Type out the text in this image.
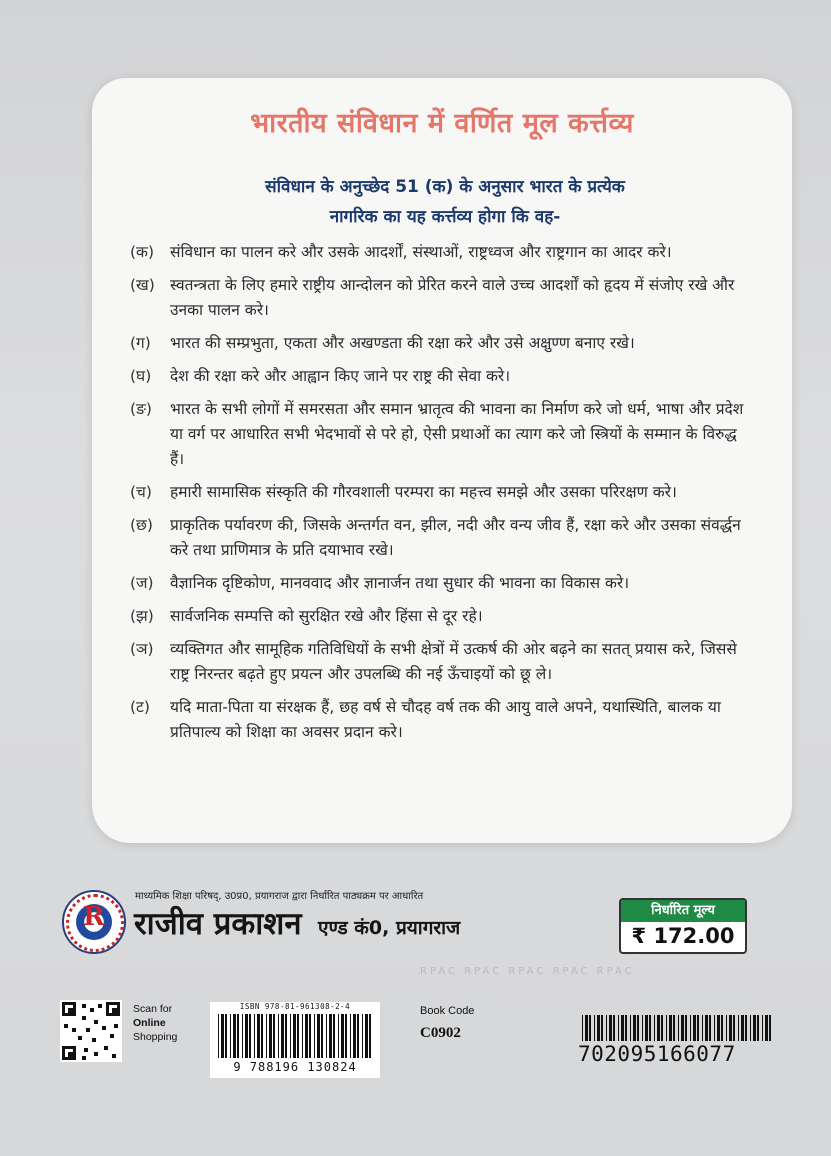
भारतीय संविधान में वर्णित मूल कर्त्तव्य
संविधान के अनुच्छेद 51 (क) के अनुसार भारत के प्रत्येक
नागरिक का यह कर्त्तव्य होगा कि वह-
(क)	संविधान का पालन करे और उसके आदर्शों, संस्थाओं, राष्ट्रध्वज और राष्ट्रगान का आदर करे।
(ख) स्वतन्त्रता के लिए हमारे राष्ट्रीय आन्दोलन को प्रेरित करने वाले उच्च आदर्शों को हृदय में संजोए रखे और उनका पालन करे।
(ग)	भारत की सम्प्रभुता, एकता और अखण्डता की रक्षा करे और उसे अक्षुण्ण बनाए रखे।
(घ)	देश की रक्षा करे और आह्वान किए जाने पर राष्ट्र की सेवा करे।
(ङ)	भारत के सभी लोगों में समरसता और समान भ्रातृत्व की भावना का निर्माण करे जो धर्म, भाषा और प्रदेश या वर्ग पर आधारित सभी भेदभावों से परे हो, ऐसी प्रथाओं का त्याग करे जो स्त्रियों के सम्मान के विरुद्ध हैं।
(च)	हमारी सामासिक संस्कृति की गौरवशाली परम्परा का महत्त्व समझे और उसका परिरक्षण करे।
(छ)	प्राकृतिक पर्यावरण की, जिसके अन्तर्गत वन, झील, नदी और वन्य जीव हैं, रक्षा करे और उसका संवर्द्धन करे तथा प्राणिमात्र के प्रति दयाभाव रखे।
(ज)	वैज्ञानिक दृष्टिकोण, मानववाद और ज्ञानार्जन तथा सुधार की भावना का विकास करे।
(झ)	सार्वजनिक सम्पत्ति को सुरक्षित रखे और हिंसा से दूर रहे।
(ञ)	व्यक्तिगत और सामूहिक गतिविधियों के सभी क्षेत्रों में उत्कर्ष की ओर बढ़ने का सतत् प्रयास करे, जिससे राष्ट्र निरन्तर बढ़ते हुए प्रयत्न और उपलब्धि की नई ऊँचाइयों को छू ले।
(ट)	यदि माता-पिता या संरक्षक हैं, छह वर्ष से चौदह वर्ष तक की आयु वाले अपने, यथास्थिति, बालक या प्रतिपाल्य को शिक्षा का अवसर प्रदान करे।
RPAC RPAC RPAC RPAC RPAC
R
माध्यमिक शिक्षा परिषद्, उ0प्र0, प्रयागराज द्वारा निर्धारित पाठ्यक्रम पर आधारित
राजीव प्रकाशन एण्ड कं0, प्रयागराज
निर्धारित मूल्य
₹ 172.00
Scan for
Online
Shopping
ISBN 978-81-961308-2-4
9 788196 130824
Book Code
C0902
702095166077
